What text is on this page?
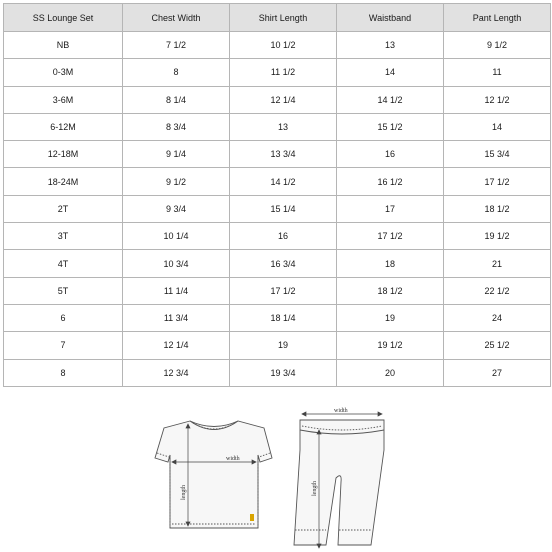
SS Lounge Set	Chest Width	Shirt Length	Waistband	Pant Length
NB	7 1/2	10 1/2	13	9 1/2
0-3M	8	11 1/2	14	11
3-6M	8 1/4	12 1/4	14 1/2	12 1/2
6-12M	8 3/4	13	15 1/2	14
12-18M	9 1/4	13 3/4	16	15 3/4
18-24M	9 1/2	14 1/2	16 1/2	17 1/2
2T	9 3/4	15 1/4	17	18 1/2
3T	10 1/4	16	17 1/2	19 1/2
4T	10 3/4	16 3/4	18	21
5T	11 1/4	17 1/2	18 1/2	22 1/2
6	11 3/4	18 1/4	19	24
7	12 1/4	19	19 1/2	25 1/2
8	12 3/4	19 3/4	20	27
width
length
width
length
